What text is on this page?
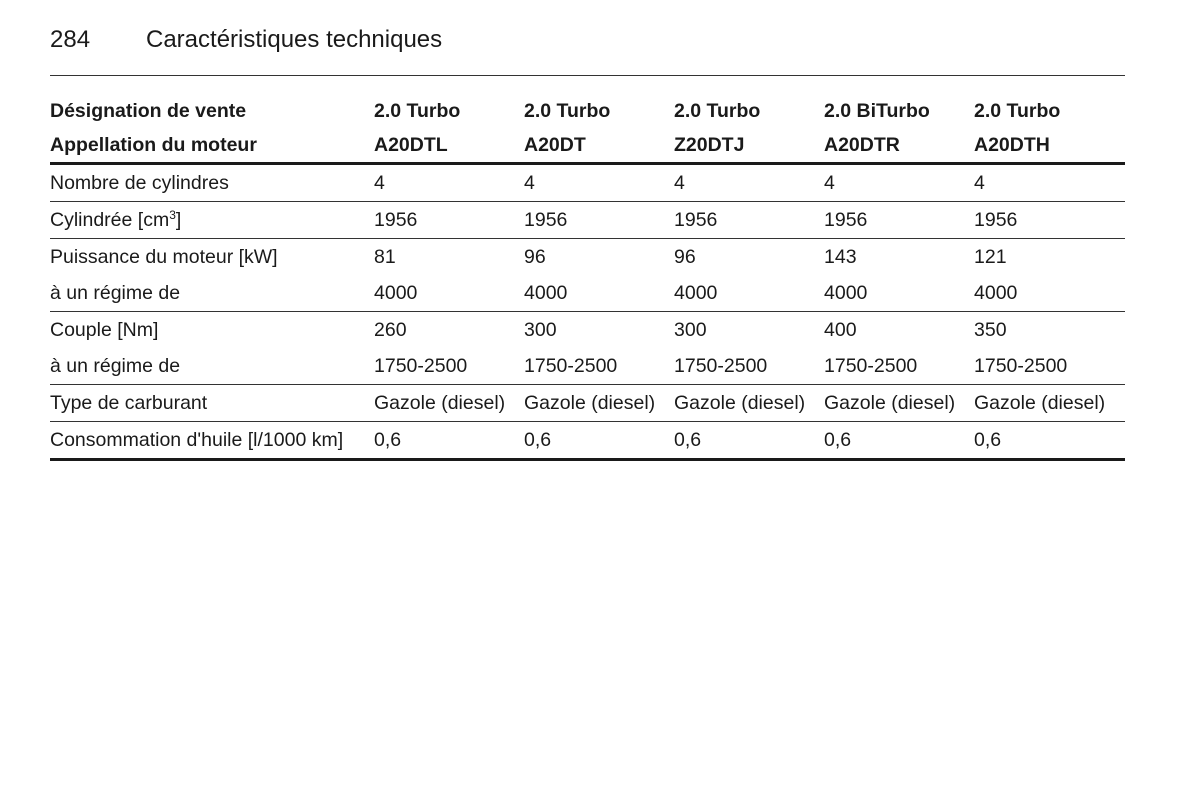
284 Caractéristiques techniques
Désignation de vente	2.0 Turbo	2.0 Turbo	2.0 Turbo	2.0 BiTurbo	2.0 Turbo
Appellation du moteur	A20DTL	A20DT	Z20DTJ	A20DTR	A20DTH
Nombre de cylindres	4	4	4	4	4
Cylindrée $[cm^3]$	1956	1956	1956	1956	1956
Puissance du moteur [kW]	81	96	96	143	121
à un régime de	4000	4000	4000	4000	4000
Couple [Nm]	260	300	300	400	350
à un régime de	1750-2500	1750-2500	1750-2500	1750-2500	1750-2500
Type de carburant	Gazole (diesel)	Gazole (diesel)	Gazole (diesel)	Gazole (diesel)	Gazole (diesel)
Consommation d'huile [l/1000 km]	0,6	0,6	0,6	0,6	0,6
